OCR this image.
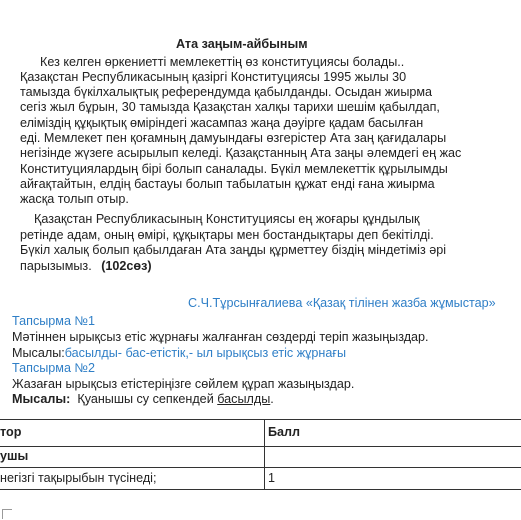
Ата заңым-айбыным
Кез келген өркениетті мемлекеттің өз конституциясы болады..
Қазақстан Республикасының қазіргі Конституциясы 1995 жылы 30
тамызда бүкілхалықтық референдумда қабылданды. Осыдан жиырма
сегіз жыл бұрын, 30 тамызда Қазақстан халқы тарихи шешім қабылдап,
еліміздің құқықтық өміріндегі жасампаз жаңа дәуірге қадам басылған
еді. Мемлекет пен қоғамның дамуындағы өзгерістер Ата заң қағидалары
негізінде жүзеге асырылып келеді. Қазақстанның Ата заңы әлемдегі ең жас
Конституциялардың бірі болып саналады. Бүкіл мемлекеттік құрылымды
айғақтайтын, елдің бастауы болып табылатын құжат енді ғана жиырма
жасқа толып отыр.
Қазақстан Республикасының Конституциясы ең жоғары құндылық
ретінде адам, оның өмірі, құқықтары мен бостандықтары деп бекітілді.
Бүкіл халық болып қабылдаған Ата заңды құрметтеу біздің міндетіміз әрі
парызымыз. (102сөз)
С.Ч.Тұрсынғалиева «Қазақ тілінен жазба жұмыстар»
Тапсырма №1
Мәтіннен ырықсыз етіс жұрнағы жалғанған сөздерді теріп жазыңыздар.
Мысалы:басылды- бас-етістік,- ыл ырықсыз етіс жұрнағы
Тапсырма №2
Жазаған ырықсыз етістеріңізге сөйлем құрап жазыңыздар.
Мысалы:  Қуанышы су сепкендей басылды.
тор	Балл
ушы
негізгі тақырыбын түсінеді;	1
